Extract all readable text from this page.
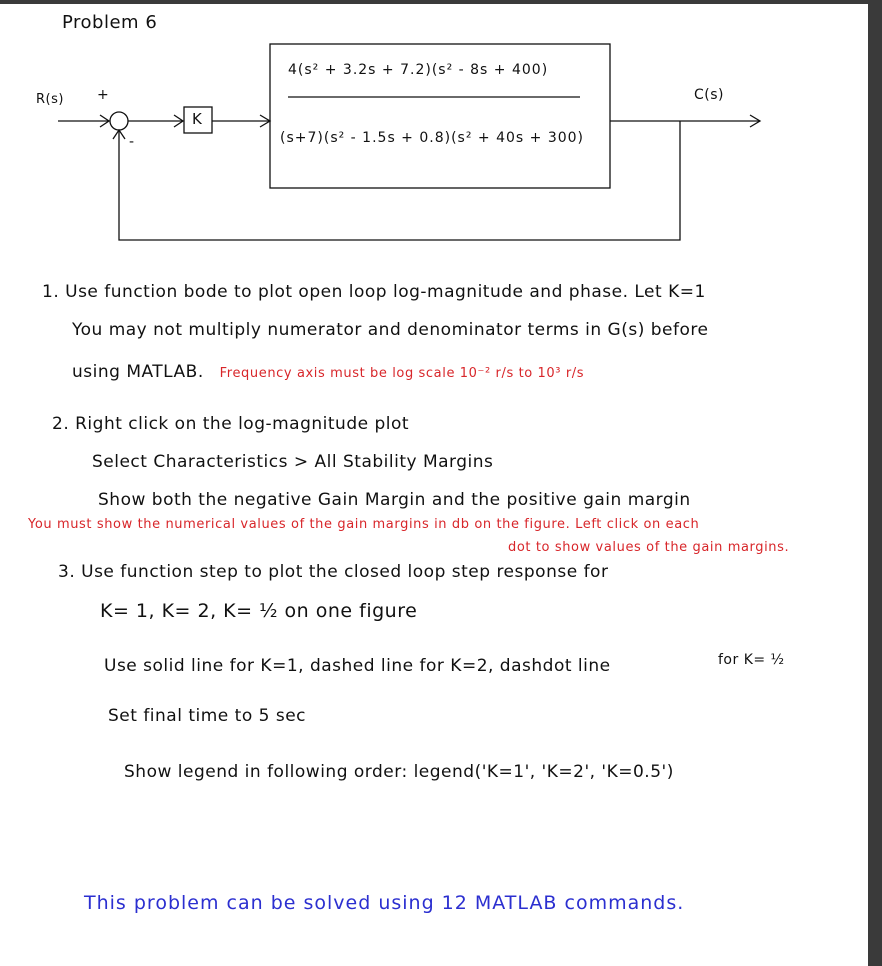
Problem 6
R(s) +
-
K
4(s² + 3.2s + 7.2)(s² - 8s + 400)
(s+7)(s² - 1.5s + 0.8)(s² + 40s + 300)
C(s)
1. Use function bode to plot open loop log-magnitude and phase. Let K=1
You may not multiply numerator and denominator terms in G(s) before
using MATLAB. Frequency axis must be log scale 10⁻² r/s to 10³ r/s
2. Right click on the log-magnitude plot
Select Characteristics > All Stability Margins
Show both the negative Gain Margin and the positive gain margin
You must show the numerical values of the gain margins in db on the figure. Left click on each
dot to show values of the gain margins.
3. Use function step to plot the closed loop step response for
K= 1, K= 2, K= ½ on one figure
Use solid line for K=1, dashed line for K=2, dashdot line	for K= ½
Set final time to 5 sec
Show legend in following order: legend('K=1', 'K=2', 'K=0.5')
This problem can be solved using 12 MATLAB commands.
